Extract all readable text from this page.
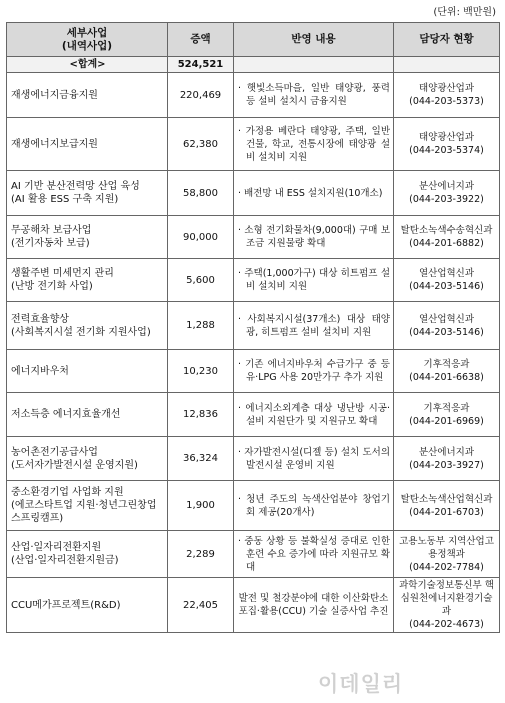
(단위: 백만원)
세부사업
(내역사업)	증액	반영 내용	담당자 현황
<합계>	524,521		

재생에너지금융지원	220,469	· 햇빛소득마을, 일반 태양광, 풍력 등 설비 설치시 금융지원	태양광산업과
(044-203-5373)

재생에너지보급지원	62,380	· 가정용 베란다 태양광, 주택, 일반건물, 학교, 전통시장에 태양광 설비 설치비 지원	태양광산업과
(044-203-5374)

AI 기반 분산전력망 산업 육성
(AI 활용 ESS 구축 지원)	58,800	· 배전망 내 ESS 설치지원(10개소)	분산에너지과
(044-203-3922)

무공해차 보급사업
(전기자동차 보급)	90,000	· 소형 전기화물차(9,000대) 구매 보조금 지원물량 확대	탈탄소녹색수송혁신과
(044-201-6882)

생활주변 미세먼지 관리
(난방 전기화 사업)	5,600	· 주택(1,000가구) 대상 히트펌프 설비 설치비 지원	열산업혁신과
(044-203-5146)

전력효율향상
(사회복지시설 전기화 지원사업)	1,288	· 사회복지시설(37개소) 대상 태양광, 히트펌프 설비 설치비 지원	열산업혁신과
(044-203-5146)

에너지바우처	10,230	· 기존 에너지바우처 수급가구 중 등유·LPG 사용 20만가구 추가 지원	기후적응과
(044-201-6638)

저소득층 에너지효율개선	12,836	· 에너지소외계층 대상 냉난방 시공·설비 지원단가 및 지원규모 확대	기후적응과
(044-201-6969)

농어촌전기공급사업
(도서자가발전시설 운영지원)	36,324	· 자가발전시설(디젤 등) 설치 도서의 발전시설 운영비 지원	분산에너지과
(044-203-3927)

중소환경기업 사업화 지원
(에코스타트업 지원·청년그린창업스프링캠프)	1,900	· 청년 주도의 녹색산업분야 창업기회 제공(20개사)	탈탄소녹색산업혁신과
(044-201-6703)

산업·일자리전환지원
(산업·일자리전환지원금)	2,289	· 중동 상황 등 불확실성 증대로 인한 훈련 수요 증가에 따라 지원규모 확대	고용노동부 지역산업고용정책과
(044-202-7784)

CCU메가프로젝트(R&D)	22,405	발전 및 철강분야에 대한 이산화탄소 포집·활용(CCU) 기술 실증사업 추진	과학기술정보통신부 핵심원천에너지환경기술과
(044-202-4673)
이데일리
